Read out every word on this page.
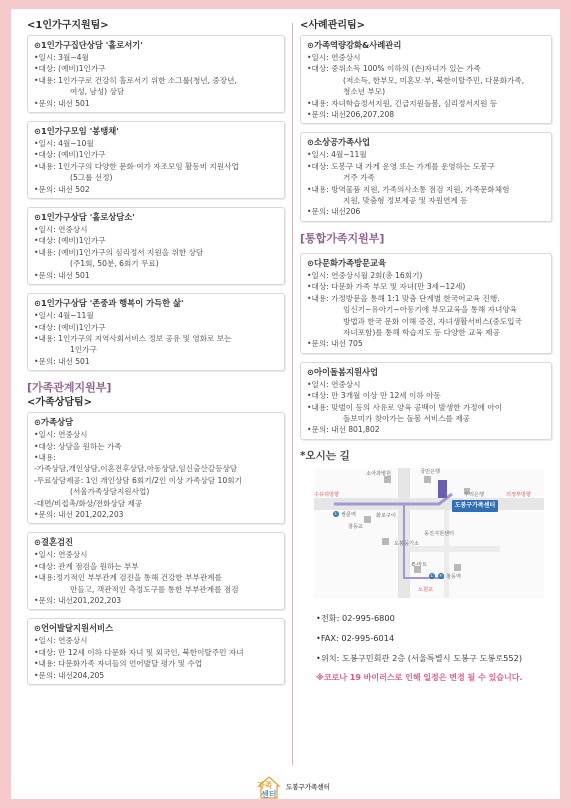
<1인가구지원팀>
⊙1인가구집단상담 '홀로서기'
•일시: 3월~4월
•대상: (예비)1인가구
•내용: 1인가구로 건강히 홀로서기 위한 소그룹(청년, 중장년,
여성, 남성) 상담
•문의: 내선 501
⊙1인가구모임 '봉탱채'
•일시: 4월~10월
•대상: (예비)1인가구
•내용: 1인가구의 다양한 문화·여가 자조모임 활동비 지원사업
(5그룹 선정)
•문의: 내선 502
⊙1인가구상담 '홀로상담소'
•일시: 연중상시
•대상: (예비)1인가구
•내용: (예비)1인가구의 심리정서 지원을 위한 상담
(주1회, 50분, 6회기 무료)
•문의: 내선 501
⊙1인가구상담 '존중과 행복이 가득한 삶'
•일시: 4월~11월
•대상: (예비)1인가구
•내용: 1인가구의 지역사회서비스 정보 공유 및 영화로 보는
1인가구
•문의: 내선 501
[가족관계지원부]
<가족상담팀>
⊙가족상담
•일시: 연중상시
•대상: 상담을 원하는 가족
•내용:
-가족상담,개인상담,이혼전후상담,아동상담,임신출산갈등상담
-무료상담제공: 1인 개인상담 6회기/2인 이상 가족상담 10회기
(서울가족상담지원사업)
-대면/비접촉/화상/전화상담 제공
•문의: 내선 201,202,203
⊙결혼검진
•일시: 연중상시
•대상: 관계 점검을 원하는 부부
•내용:정기적인 부부관계 검진을 통해 건강한 부부관계를
만들고, 객관적인 측정도구를 통한 부부관계를 점검
•문의: 내선201,202,203
⊙언어발달지원서비스
•일시: 연중상시
•대상: 만 12세 이하 다문화 자녀 및 외국인, 북한이탈주민 자녀
•내용: 다문화가족 자녀들의 언어발달 평가 및 수업
•문의: 내선204,205
<사례관리팀>
⊙가족역량강화&사례관리
•일시: 연중상시
•대상: 중위소득 100% 이하의 (손)자녀가 있는 가족
(저소득, 한부모, 미혼모·부, 북한이탈주민, 다문화가족,
청소년 부모)
•내용: 자녀학습정서지원, 긴급지원돌봄, 심리정서지원 등
•문의: 내선206,207,208
⊙소상공가족사업
•일시: 4월~11월
•대상: 도봉구 내 가게 운영 또는 가게를 운영하는 도봉구
거주 가족
•내용: 방역물품 지원, 가족의사소통 점검 지원, 가족문화체험
지원, 맞춤형 정보제공 및 자원연계 등
•문의: 내선206
[통합가족지원부]
⊙다문화가족방문교육
•일시: 연중상시월 2회(총 16회기)
•대상: 다문화 가족 부모 및 자녀(만 3세~12세)
•내용: 가정방문을 통해 1:1 맞춤 단계별 한국어교육 진행.
임신기~유아기~아동기에 부모교육을 통해 자녀양육
방법과 한국 문화 이해 증진, 자녀생활서비스(중도입국
자녀포함)를 통해 학습지도 등 다양한 교육 제공
•문의: 내선 705
⊙아이돌봄지원사업
•일시: 연중상시
•대상: 만 3개월 이상 만 12세 이하 아동
•내용: 맞벌이 등의 사유로 양육 공백이 발생한 가정에 아이
돌보미가 찾아가는 돌봄 서비스를 제공
•문의: 내선 801,802
*오시는 길
소아과병원	국민은행
수유리방향	우리은행	의정부방향
쌍문역
창동교
화로구이
도봉등기소
동진지원센터
창동역
노원교
E-마트
①
① ④
도봉구가족센터
•전화: 02-995-6800
•FAX: 02-995-6014
•위치: 도봉구민회관 2층 (서울특별시 도봉구 도봉로552)
※코로나 19 바이러스로 인해 일정은 변경 될 수 있습니다.
가족
센터
도봉구가족센터
